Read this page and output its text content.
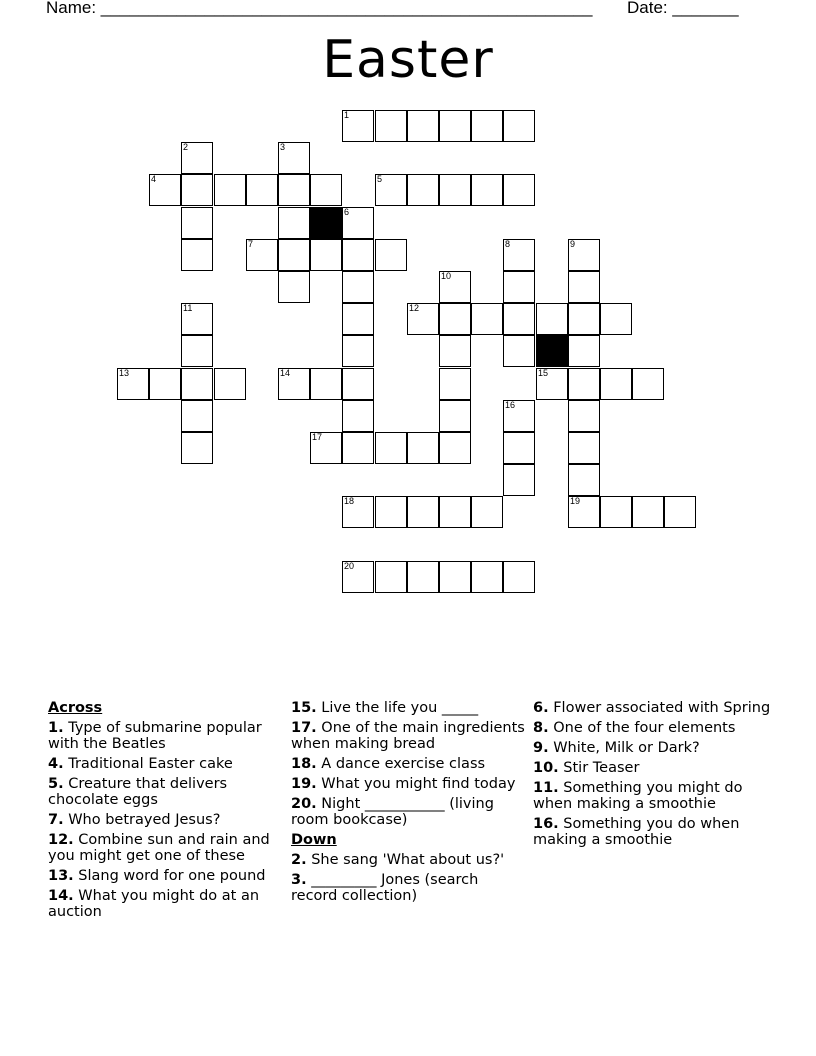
Name: ____________________________________________________ Date: _______
Easter
1
2	3
4	5
6
7	8	9
10
11	12
13	14	15
16
17
18	19
20
Across
1. Type of submarine popular with the Beatles
4. Traditional Easter cake
5. Creature that delivers chocolate eggs
7. Who betrayed Jesus?
12. Combine sun and rain and you might get one of these
13. Slang word for one pound
14. What you might do at an auction
15. Live the life you _____
17. One of the main ingredients when making bread
18. A dance exercise class
19. What you might find today
20. Night ___________ (living room bookcase)
Down
2. She sang 'What about us?'
3. _________ Jones (search record collection)
6. Flower associated with Spring
8. One of the four elements
9. White, Milk or Dark?
10. Stir Teaser
11. Something you might do when making a smoothie
16. Something you do when making a smoothie
